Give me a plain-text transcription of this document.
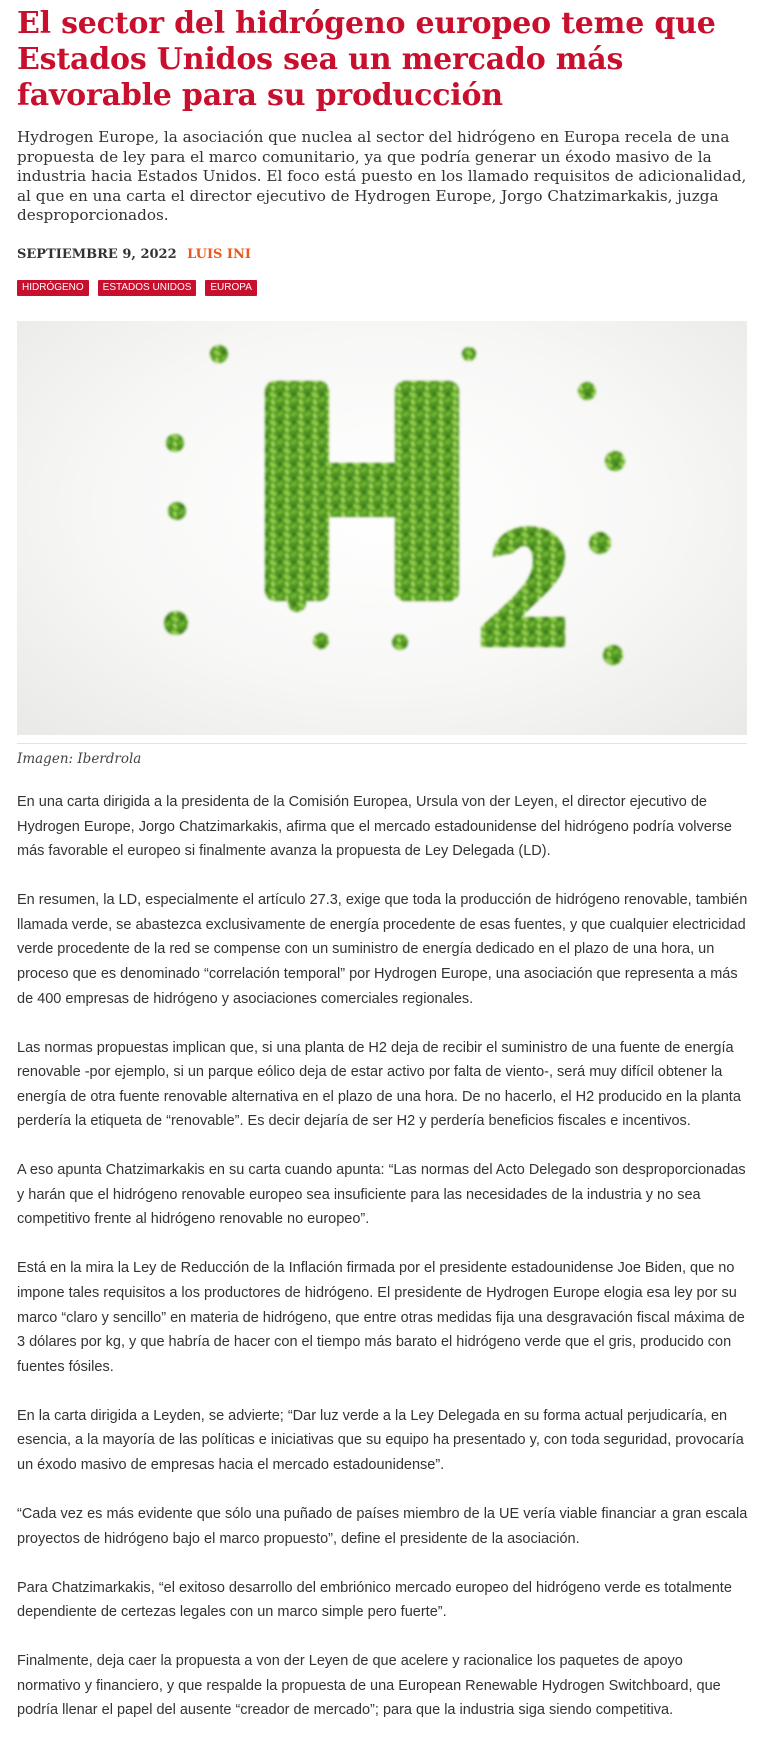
El sector del hidrógeno europeo teme que Estados Unidos sea un mercado más favorable para su producción

Hydrogen Europe, la asociación que nuclea al sector del hidrógeno en Europa recela de una propuesta de ley para el marco comunitario, ya que podría generar un éxodo masivo de la industria hacia Estados Unidos. El foco está puesto en los llamado requisitos de adicionalidad, al que en una carta el director ejecutivo de Hydrogen Europe, Jorgo Chatzimarkakis, juzga desproporcionados.

SEPTIEMBRE 9, 2022 LUIS INI
HIDRÓGENO	ESTADOS UNIDOS	EUROPA
Imagen: Iberdrola

En una carta dirigida a la presidenta de la Comisión Europea, Ursula von der Leyen, el director ejecutivo de Hydrogen Europe, Jorgo Chatzimarkakis, afirma que el mercado estadounidense del hidrógeno podría volverse más favorable el europeo si finalmente avanza la propuesta de Ley Delegada (LD).

En resumen, la LD, especialmente el artículo 27.3, exige que toda la producción de hidrógeno renovable, también llamada verde, se abastezca exclusivamente de energía procedente de esas fuentes, y que cualquier electricidad verde procedente de la red se compense con un suministro de energía dedicado en el plazo de una hora, un proceso que es denominado “correlación temporal” por Hydrogen Europe, una asociación que representa a más de 400 empresas de hidrógeno y asociaciones comerciales regionales.

Las normas propuestas implican que, si una planta de H2 deja de recibir el suministro de una fuente de energía renovable -por ejemplo, si un parque eólico deja de estar activo por falta de viento-, será muy difícil obtener la energía de otra fuente renovable alternativa en el plazo de una hora. De no hacerlo, el H2 producido en la planta perdería la etiqueta de “renovable”. Es decir dejaría de ser H2 y perdería beneficios fiscales e incentivos.

A eso apunta Chatzimarkakis en su carta cuando apunta: “Las normas del Acto Delegado son desproporcionadas y harán que el hidrógeno renovable europeo sea insuficiente para las necesidades de la industria y no sea competitivo frente al hidrógeno renovable no europeo”.

Está en la mira la Ley de Reducción de la Inflación firmada por el presidente estadounidense Joe Biden, que no impone tales requisitos a los productores de hidrógeno. El presidente de Hydrogen Europe elogia esa ley por su marco “claro y sencillo” en materia de hidrógeno, que entre otras medidas fija una desgravación fiscal máxima de 3 dólares por kg, y que habría de hacer con el tiempo más barato el hidrógeno verde que el gris, producido con fuentes fósiles.

En la carta dirigida a Leyden, se advierte; “Dar luz verde a la Ley Delegada en su forma actual perjudicaría, en esencia, a la mayoría de las políticas e iniciativas que su equipo ha presentado y, con toda seguridad, provocaría un éxodo masivo de empresas hacia el mercado estadounidense”.

“Cada vez es más evidente que sólo una puñado de países miembro de la UE vería viable financiar a gran escala proyectos de hidrógeno bajo el marco propuesto”, define el presidente de la asociación.

Para Chatzimarkakis, “el exitoso desarrollo del embriónico mercado europeo del hidrógeno verde es totalmente dependiente de certezas legales con un marco simple pero fuerte”.

Finalmente, deja caer la propuesta a von der Leyen de que acelere y racionalice los paquetes de apoyo normativo y financiero, y que respalde la propuesta de una European Renewable Hydrogen Switchboard, que podría llenar el papel del ausente “creador de mercado”; para que la industria siga siendo competitiva.
